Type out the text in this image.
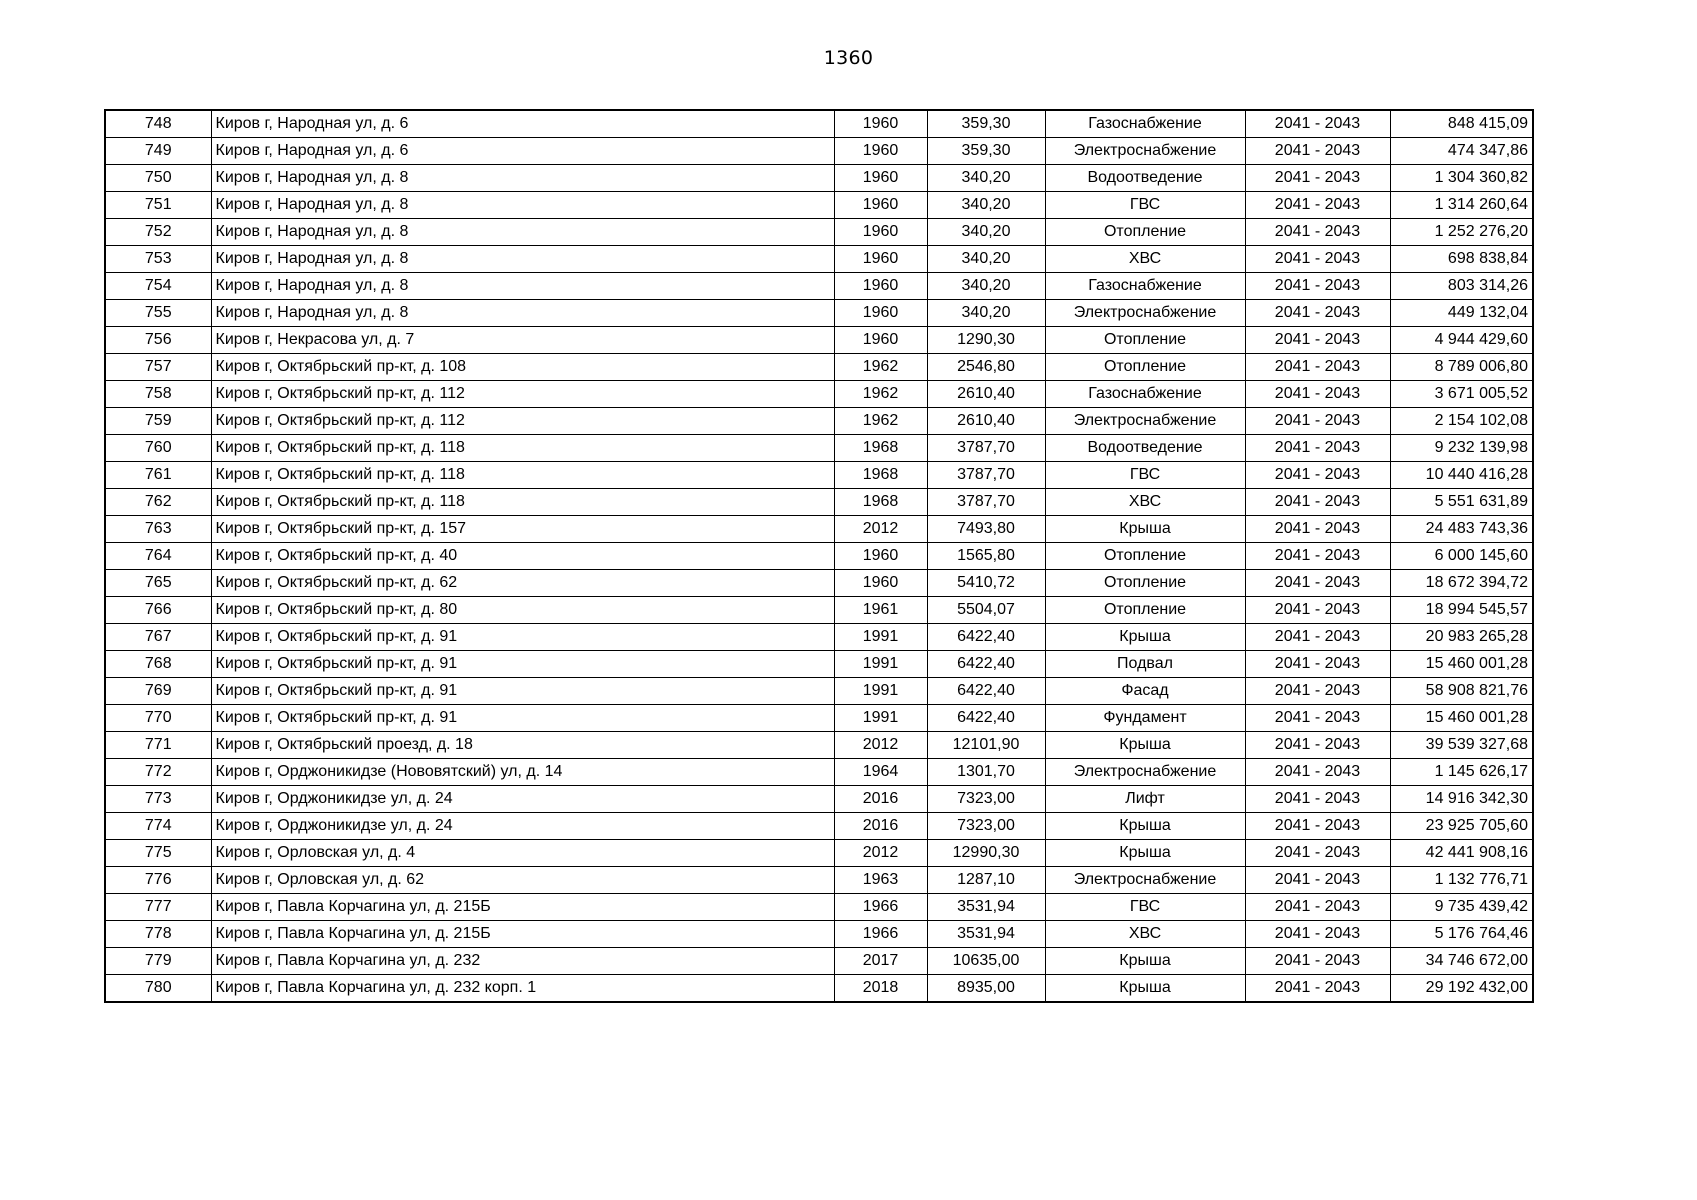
1360
748	Киров г, Народная ул, д. 6	1960	359,30	Газоснабжение	2041 - 2043	848 415,09
749	Киров г, Народная ул, д. 6	1960	359,30	Электроснабжение	2041 - 2043	474 347,86
750	Киров г, Народная ул, д. 8	1960	340,20	Водоотведение	2041 - 2043	1 304 360,82
751	Киров г, Народная ул, д. 8	1960	340,20	ГВС	2041 - 2043	1 314 260,64
752	Киров г, Народная ул, д. 8	1960	340,20	Отопление	2041 - 2043	1 252 276,20
753	Киров г, Народная ул, д. 8	1960	340,20	ХВС	2041 - 2043	698 838,84
754	Киров г, Народная ул, д. 8	1960	340,20	Газоснабжение	2041 - 2043	803 314,26
755	Киров г, Народная ул, д. 8	1960	340,20	Электроснабжение	2041 - 2043	449 132,04
756	Киров г, Некрасова ул, д. 7	1960	1290,30	Отопление	2041 - 2043	4 944 429,60
757	Киров г, Октябрьский пр-кт, д. 108	1962	2546,80	Отопление	2041 - 2043	8 789 006,80
758	Киров г, Октябрьский пр-кт, д. 112	1962	2610,40	Газоснабжение	2041 - 2043	3 671 005,52
759	Киров г, Октябрьский пр-кт, д. 112	1962	2610,40	Электроснабжение	2041 - 2043	2 154 102,08
760	Киров г, Октябрьский пр-кт, д. 118	1968	3787,70	Водоотведение	2041 - 2043	9 232 139,98
761	Киров г, Октябрьский пр-кт, д. 118	1968	3787,70	ГВС	2041 - 2043	10 440 416,28
762	Киров г, Октябрьский пр-кт, д. 118	1968	3787,70	ХВС	2041 - 2043	5 551 631,89
763	Киров г, Октябрьский пр-кт, д. 157	2012	7493,80	Крыша	2041 - 2043	24 483 743,36
764	Киров г, Октябрьский пр-кт, д. 40	1960	1565,80	Отопление	2041 - 2043	6 000 145,60
765	Киров г, Октябрьский пр-кт, д. 62	1960	5410,72	Отопление	2041 - 2043	18 672 394,72
766	Киров г, Октябрьский пр-кт, д. 80	1961	5504,07	Отопление	2041 - 2043	18 994 545,57
767	Киров г, Октябрьский пр-кт, д. 91	1991	6422,40	Крыша	2041 - 2043	20 983 265,28
768	Киров г, Октябрьский пр-кт, д. 91	1991	6422,40	Подвал	2041 - 2043	15 460 001,28
769	Киров г, Октябрьский пр-кт, д. 91	1991	6422,40	Фасад	2041 - 2043	58 908 821,76
770	Киров г, Октябрьский пр-кт, д. 91	1991	6422,40	Фундамент	2041 - 2043	15 460 001,28
771	Киров г, Октябрьский проезд, д. 18	2012	12101,90	Крыша	2041 - 2043	39 539 327,68
772	Киров г, Орджоникидзе (Нововятский) ул, д. 14	1964	1301,70	Электроснабжение	2041 - 2043	1 145 626,17
773	Киров г, Орджоникидзе ул, д. 24	2016	7323,00	Лифт	2041 - 2043	14 916 342,30
774	Киров г, Орджоникидзе ул, д. 24	2016	7323,00	Крыша	2041 - 2043	23 925 705,60
775	Киров г, Орловская ул, д. 4	2012	12990,30	Крыша	2041 - 2043	42 441 908,16
776	Киров г, Орловская ул, д. 62	1963	1287,10	Электроснабжение	2041 - 2043	1 132 776,71
777	Киров г, Павла Корчагина ул, д. 215Б	1966	3531,94	ГВС	2041 - 2043	9 735 439,42
778	Киров г, Павла Корчагина ул, д. 215Б	1966	3531,94	ХВС	2041 - 2043	5 176 764,46
779	Киров г, Павла Корчагина ул, д. 232	2017	10635,00	Крыша	2041 - 2043	34 746 672,00
780	Киров г, Павла Корчагина ул, д. 232 корп. 1	2018	8935,00	Крыша	2041 - 2043	29 192 432,00
